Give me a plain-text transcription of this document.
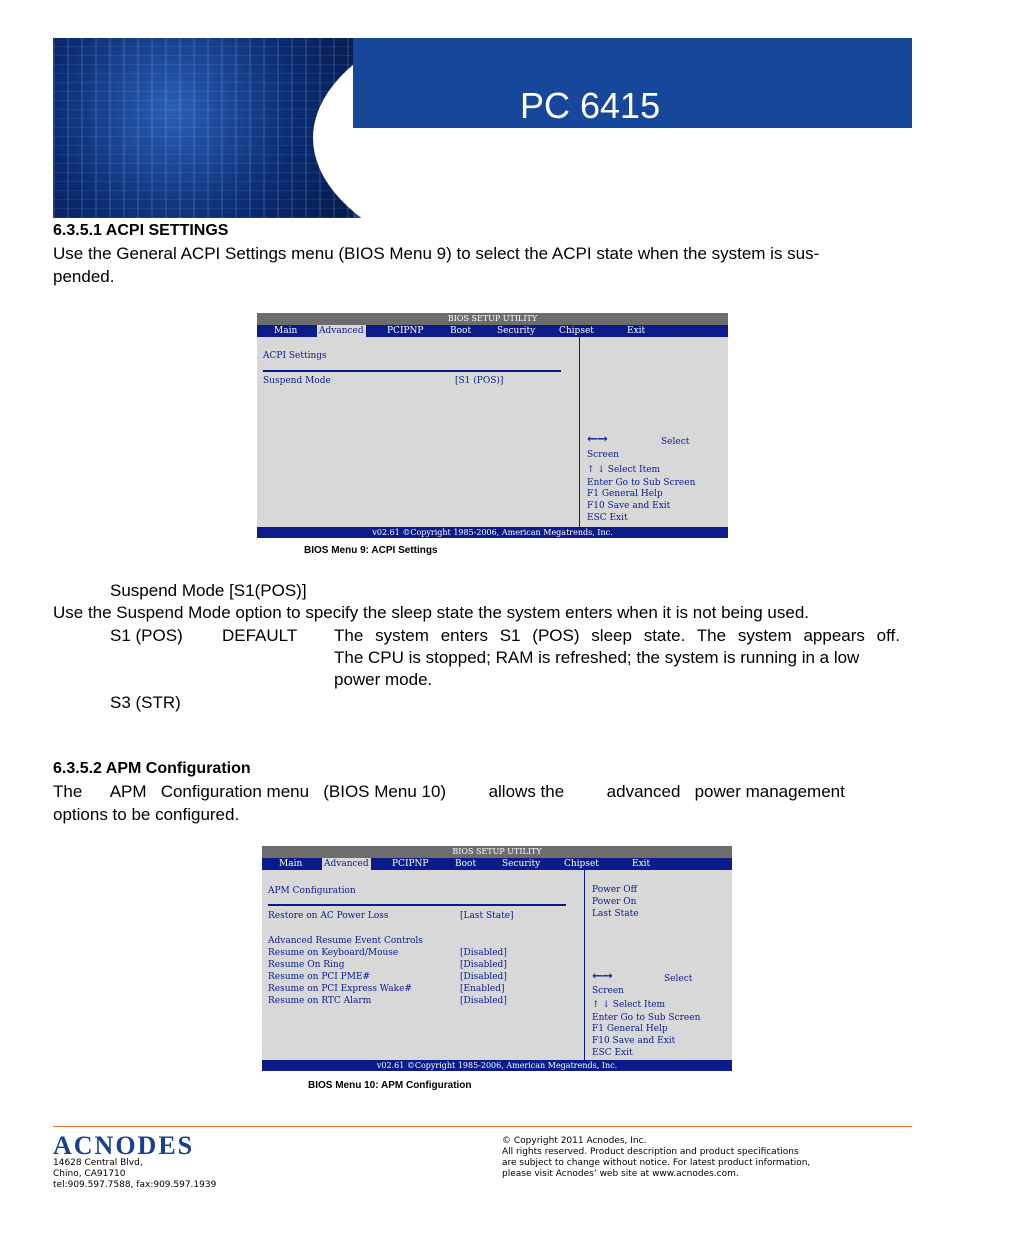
PC 6415
15” Fanless Panel PC
6.3.5.1 ACPI SETTINGS
Use the General ACPI Settings menu (BIOS Menu 9) to select the ACPI state when the system is sus-
pended.
BIOS SETUP UTILITY
Main Advanced	PCIPNP	Boot	Security	Chipset	Exit
ACPI Settings
Suspend Mode	[S1 (POS)]
←→	Select
Screen
↑ ↓ Select Item
Enter Go to Sub Screen
F1 General Help
F10 Save and Exit
ESC Exit
v02.61 ©Copyright 1985-2006, American Megatrends, Inc.
BIOS Menu 9: ACPI Settings
Suspend Mode [S1(POS)]
Use the Suspend Mode option to specify the sleep state the system enters when it is not being used.
S1 (POS) DEFAULT The system enters S1 (POS) sleep state. The system appears off.
The CPU is stopped; RAM is refreshed; the system is running in a low
power mode.
S3 (STR)
6.3.5.2 APM Configuration
The      APM   Configuration menu   (BIOS Menu 10)         allows the         advanced   power management
options to be configured.
BIOS SETUP UTILITY
Main Advanced	PCIPNP	Boot	Security	Chipset	Exit
APM Configuration
Restore on AC Power Loss	[Last State]
Advanced Resume Event Controls
Resume on Keyboard/Mouse	[Disabled]
Resume On Ring	[Disabled]
Resume on PCI PME#	[Disabled]
Resume on PCI Express Wake#	[Enabled]
Resume on RTC Alarm	[Disabled]
Power Off
Power On
Last State
←→	Select
Screen
↑ ↓ Select Item
Enter Go to Sub Screen
F1 General Help
F10 Save and Exit
ESC Exit
v02.61 ©Copyright 1985-2006, American Megatrends, Inc.
BIOS Menu 10: APM Configuration
ACNODES
14628 Central Blvd,
Chino, CA91710
tel:909.597.7588, fax:909.597.1939
© Copyright 2011 Acnodes, Inc.
All rights reserved. Product description and product specifications
are subject to change without notice. For latest product information,
please visit Acnodes’ web site at www.acnodes.com.
